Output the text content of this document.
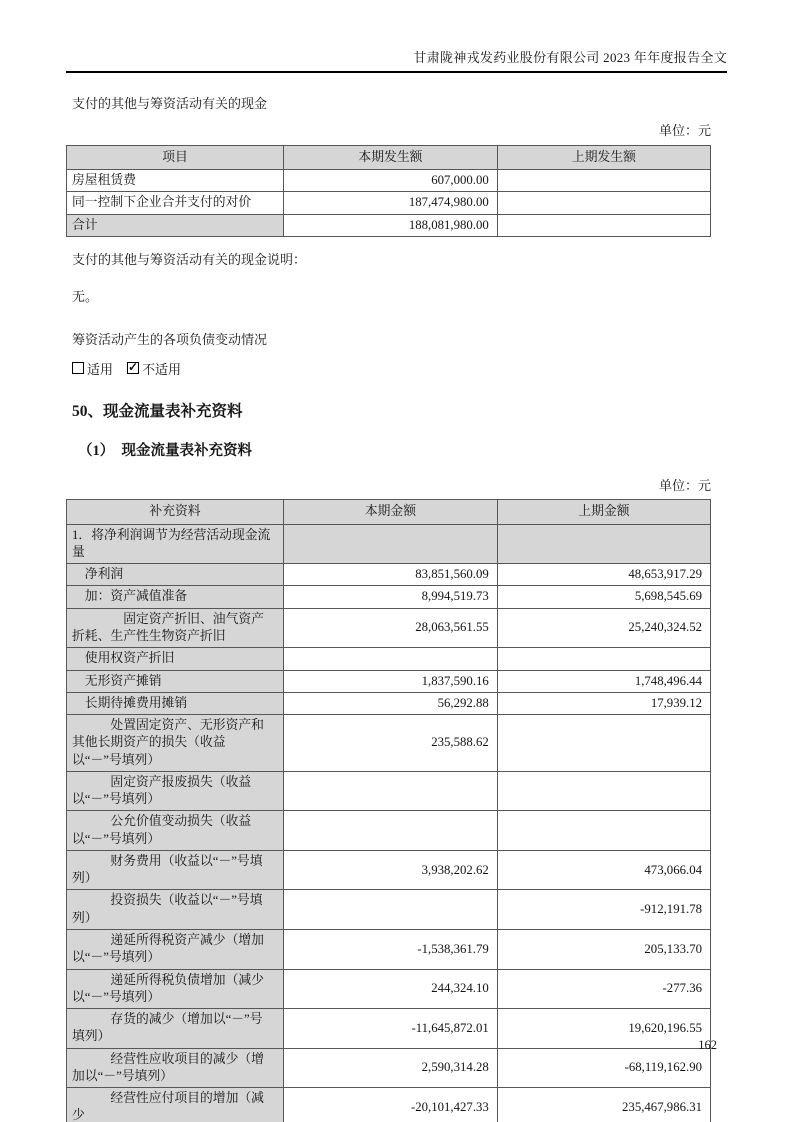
甘肃陇神戎发药业股份有限公司 2023 年年度报告全文

支付的其他与筹资活动有关的现金

单位：元
项目	本期发生额	上期发生额
房屋租赁费	607,000.00	
同一控制下企业合并支付的对价	187,474,980.00	
合计	188,081,980.00	

支付的其他与筹资活动有关的现金说明：

无。

筹资活动产生的各项负债变动情况

适用 ✓ 不适用
50、现金流量表补充资料
（1）　现金流量表补充资料
单位：元
补充资料	本期金额	上期金额
1．将净利润调节为经营活动现金流量		
　净利润	83,851,560.09	48,653,917.29
　加：资产减值准备	8,994,519.73	5,698,545.69
　　　　固定资产折旧、油气资产折耗、生产性生物资产折旧	28,063,561.55	25,240,324.52
　使用权资产折旧		
　无形资产摊销	1,837,590.16	1,748,496.44
　长期待摊费用摊销	56,292.88	17,939.12
　　　处置固定资产、无形资产和其他长期资产的损失（收益以“－”号填列）	235,588.62	
　　　固定资产报废损失（收益以“－”号填列）		
　　　公允价值变动损失（收益以“－”号填列）		
　　　财务费用（收益以“－”号填列）	3,938,202.62	473,066.04
　　　投资损失（收益以“－”号填列）		-912,191.78
　　　递延所得税资产减少（增加以“－”号填列）	-1,538,361.79	205,133.70
　　　递延所得税负债增加（减少以“－”号填列）	244,324.10	-277.36
　　　存货的减少（增加以“－”号填列）	-11,645,872.01	19,620,196.55
　　　经营性应收项目的减少（增加以“－”号填列）	2,590,314.28	-68,119,162.90
　　　经营性应付项目的增加（减少	-20,101,427.33	235,467,986.31
162
